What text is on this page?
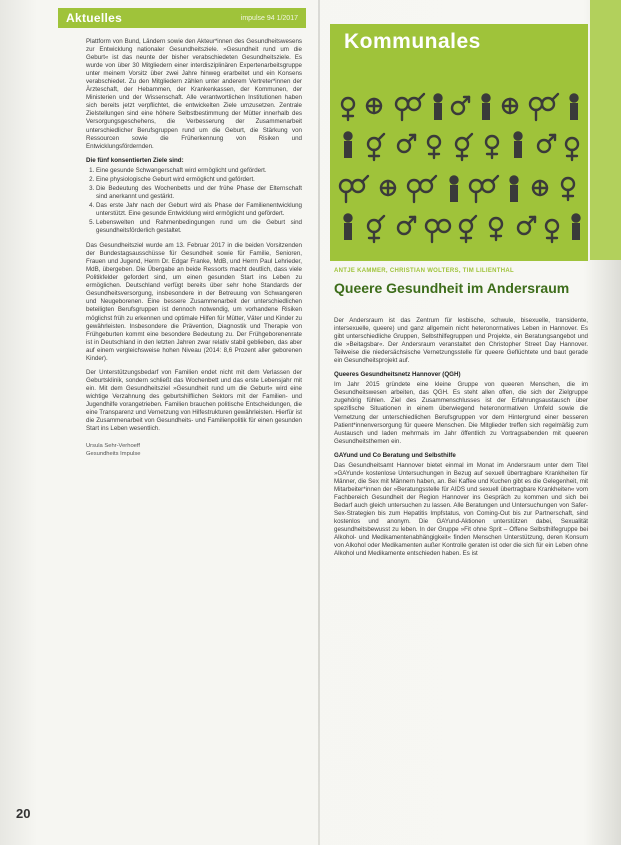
Aktuelles	impulse 94 1/2017

Plattform von Bund, Ländern sowie den Akteur*innen des Gesundheitswesens zur Entwicklung nationaler Gesundheitsziele. »Gesundheit rund um die Geburt« ist das neunte der bisher verabschiedeten Gesundheitsziele. Es wurde von über 30 Mitgliedern einer interdisziplinären Expertenarbeitsgruppe unter meinem Vorsitz über zwei Jahre hinweg erarbeitet und ein Konsens verabschiedet. Zu den Mitgliedern zählen unter anderem Vertreter*innen der Ärzteschaft, der Hebammen, der Krankenkassen, der Kommunen, der Ministerien und der Wissenschaft. Alle verantwortlichen Institutionen haben sich bereits jetzt verpflichtet, die entwickelten Ziele umzusetzen. Zentrale Zielstellungen sind eine höhere Selbstbestimmung der Mütter innerhalb des Versorgungsgeschehens, die Verbesserung der Zusammenarbeit unterschiedlicher Berufsgruppen rund um die Geburt, die Stärkung von Ressourcen sowie die Früherkennung von Risiken und Entwicklungsfördernden.

Die fünf konsentierten Ziele sind:

1. Eine gesunde Schwangerschaft wird ermöglicht und gefördert.
2. Eine physiologische Geburt wird ermöglicht und gefördert.
3. Die Bedeutung des Wochenbetts und der frühe Phase der Elternschaft sind anerkannt und gestärkt.
4. Das erste Jahr nach der Geburt wird als Phase der Familienentwicklung unterstützt. Eine gesunde Entwicklung wird ermöglicht und gefördert.
5. Lebenswelten und Rahmenbedingungen rund um die Geburt sind gesundheitsförderlich gestaltet.

Das Gesundheitsziel wurde am 13. Februar 2017 in die beiden Vorsitzenden der Bundestagsausschüsse für Gesundheit sowie für Familie, Senioren, Frauen und Jugend, Herrn Dr. Edgar Franke, MdB, und Herrn Paul Lehrieder, MdB, übergeben. Die Übergabe an beide Ressorts macht deutlich, dass viele Politikfelder gefordert sind, um einen gesunden Start ins Leben zu ermöglichen. Deutschland verfügt bereits über sehr hohe Standards der Gesundheitsversorgung, insbesondere in der Betreuung von Schwangeren und Neugeborenen. Eine bessere Zusammenarbeit der unterschiedlichen beteiligten Berufsgruppen ist dennoch notwendig, um vorhandene Risiken möglichst früh zu erkennen und optimale Hilfen für Mütter, Väter und Kinder zu gewährleisten. Insbesondere die Prävention, Diagnostik und Therapie von Frühgeburten kommt eine besondere Bedeutung zu. Der Frühgeborenenrate ist in Deutschland in den letzten Jahren zwar relativ stabil geblieben, das aber auf einem vergleichsweise hohen Niveau (2014: 8,6 Prozent aller geborenen Kinder).

Der Unterstützungsbedarf von Familien endet nicht mit dem Verlassen der Geburtsklinik, sondern schließt das Wochenbett und das erste Lebensjahr mit ein. Mit dem Gesundheitsziel »Gesundheit rund um die Geburt« wird eine wichtige Verzahnung des geburtshilflichen Sektors mit der Familien- und Jugendhilfe vorangetrieben. Familien brauchen politische Entscheidungen, die eine Transparenz und Vernetzung von Hilfestrukturen gewährleisten. Hierfür ist die Zusammenarbeit von Gesundheits- und Familienpolitik für einen gesunden Start ins Leben wesentlich.

Ursula Sehr-Verhoeff
Gesundheits Impulse
20
Kommunales
ANTJE KAMMER, CHRISTIAN WOLTERS, TIM LILIENTHAL
Queere Gesundheit im Andersraum

Der Andersraum ist das Zentrum für lesbische, schwule, bisexuelle, transidente, intersexuelle, queere) und ganz allgemein nicht heteronormatives Leben in Hannover. Es gibt unterschiedliche Gruppen, Selbsthilfegruppen und Projekte, ein Beratungsangebot und die »Beitagsbar«. Der Andersraum veranstaltet den Christopher Street Day Hannover. Teilweise die niedersächsische Vernetzungsstelle für queere Geflüchtete und baut gerade ein Gesundheitsprojekt auf.

Queeres Gesundheitsnetz Hannover (QGH)

Im Jahr 2015 gründete eine kleine Gruppe von queeren Menschen, die im Gesundheitswesen arbeiten, das QGH. Es steht allen offen, die sich der Zielgruppe zugehörig fühlen. Ziel des Zusammenschlusses ist der Erfahrungsaustausch über spezifische Situationen in einem überwiegend heteronormativen Umfeld sowie die Vernetzung der unterschiedlichen Berufsgruppen vor dem Hintergrund einer besseren Patient*innenversorgung für queere Menschen. Die Mitglieder treffen sich regelmäßig zum Austausch und laden mehrmals im Jahr öffentlich zu Vortragsabenden mit queeren Gesundheitsthemen ein.

GAYund und Co Beratung und Selbsthilfe

Das Gesundheitsamt Hannover bietet einmal im Monat im Andersraum unter dem Titel »GAYund« kostenlose Untersuchungen in Bezug auf sexuell übertragbare Krankheiten für Männer, die Sex mit Männern haben, an. Bei Kaffee und Kuchen gibt es die Gelegenheit, mit Mitarbeiter*innen der »Beratungsstelle für AIDS und sexuell übertragbare Krankheiten« vom Fachbereich Gesundheit der Region Hannover ins Gespräch zu kommen und sich bei Bedarf auch gleich untersuchen zu lassen. Alle Beratungen und Untersuchungen von Safer-Sex-Strategien bis zum Hepatitis Impfstatus, von Coming-Out bis zur Partnerschaft, sind kostenlos und anonym. Die GAYund-Aktionen unterstützen dabei, Sexualität gesundheitsbewusst zu leben. In der Gruppe »Fit ohne Sprit – Offene Selbsthilfegruppe bei Alkohol- und Medikamentenabhängigkeit« finden Menschen Unterstützung, deren Konsum von Alkohol oder Medikamenten außer Kontrolle geraten ist oder die sich für ein Leben ohne Alkohol und Medikamente entschieden haben. Es ist
